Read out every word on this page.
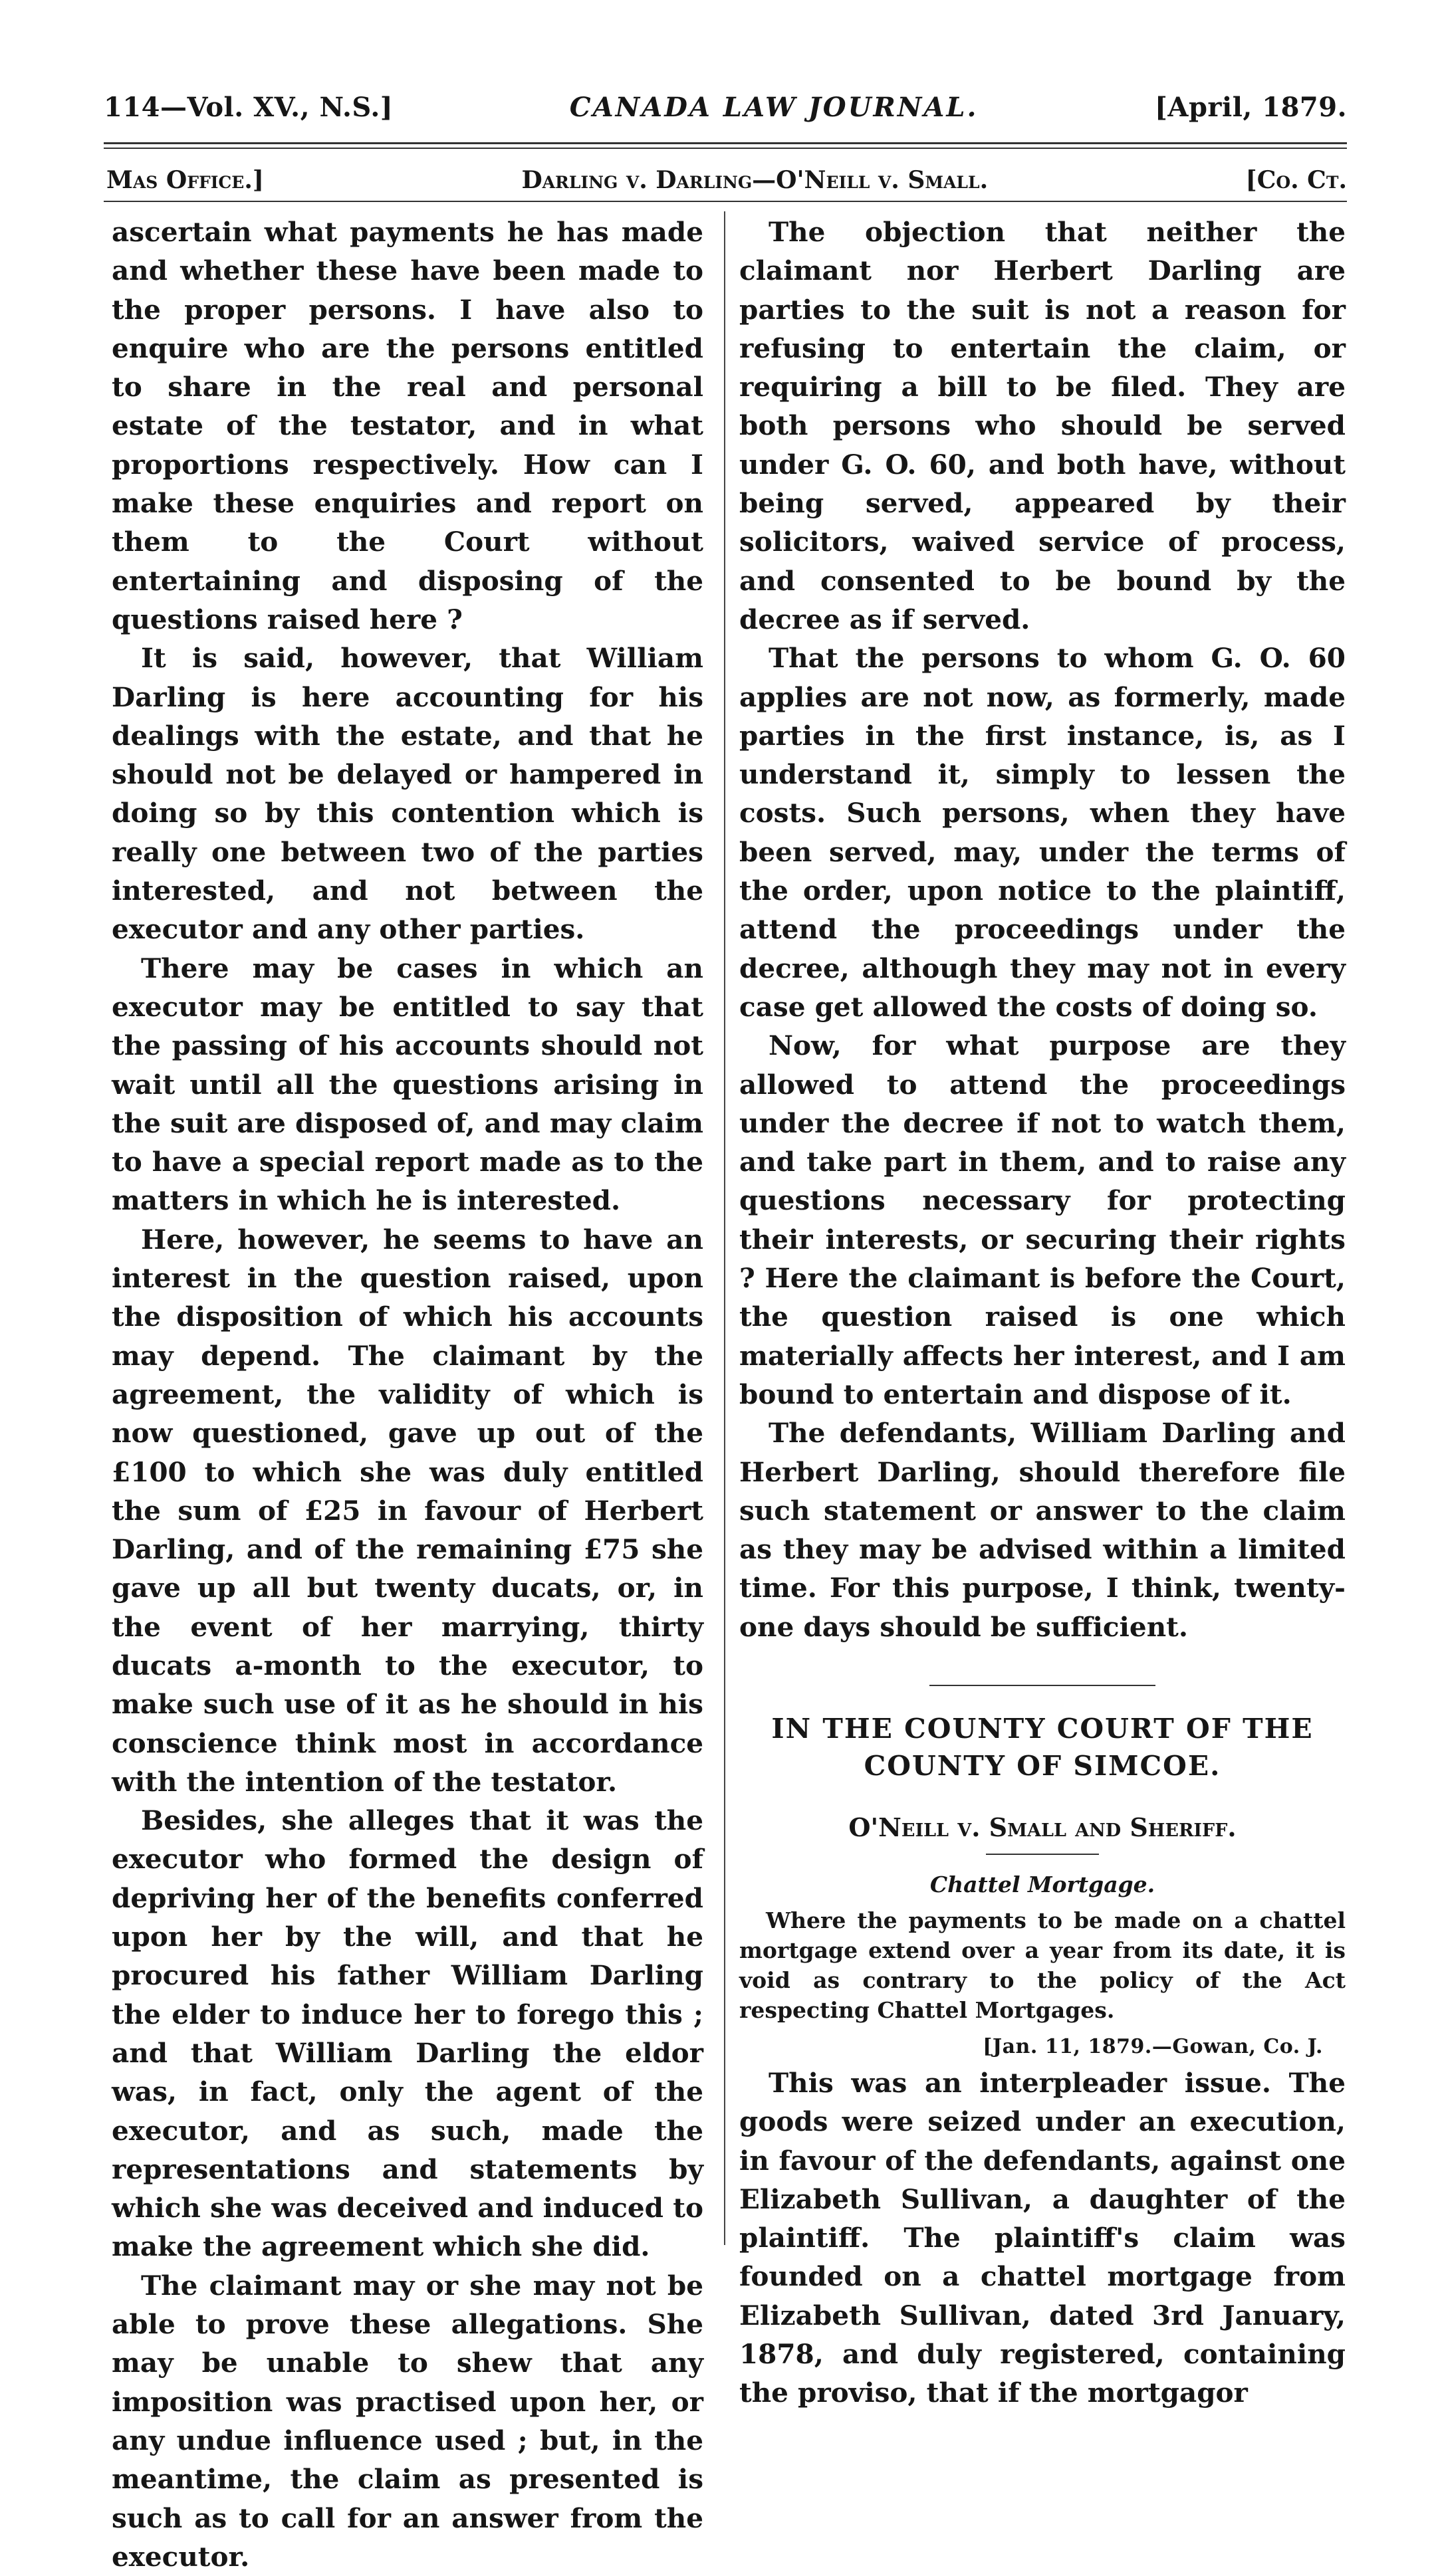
114—Vol. XV., N.S.]	CANADA LAW JOURNAL.	[April, 1879.
Mas Office.]	Darling v. Darling—O'Neill v. Small.	[Co. Ct.

ascertain what payments he has made and whether these have been made to the proper persons. I have also to enquire who are the persons entitled to share in the real and personal estate of the testator, and in what proportions respectively. How can I make these enquiries and report on them to the Court without entertaining and disposing of the questions raised here ?

It is said, however, that William Darling is here accounting for his dealings with the estate, and that he should not be delayed or hampered in doing so by this contention which is really one between two of the parties interested, and not between the executor and any other parties.

There may be cases in which an executor may be entitled to say that the passing of his accounts should not wait until all the questions arising in the suit are disposed of, and may claim to have a special report made as to the matters in which he is interested.

Here, however, he seems to have an interest in the question raised, upon the disposition of which his accounts may depend. The claimant by the agreement, the validity of which is now questioned, gave up out of the £100 to which she was duly entitled the sum of £25 in favour of Herbert Darling, and of the remaining £75 she gave up all but twenty ducats, or, in the event of her marrying, thirty ducats a-month to the executor, to make such use of it as he should in his conscience think most in accordance with the intention of the testator.

Besides, she alleges that it was the executor who formed the design of depriving her of the benefits conferred upon her by the will, and that he procured his father William Darling the elder to induce her to forego this ; and that William Darling the eldor was, in fact, only the agent of the executor, and as such, made the representations and statements by which she was deceived and induced to make the agreement which she did.

The claimant may or she may not be able to prove these allegations. She may be unable to shew that any imposition was practised upon her, or any undue influence used ; but, in the meantime, the claim as presented is such as to call for an answer from the executor.

The objection that neither the claimant nor Herbert Darling are parties to the suit is not a reason for refusing to entertain the claim, or requiring a bill to be filed. They are both persons who should be served under G. O. 60, and both have, without being served, appeared by their solicitors, waived service of process, and consented to be bound by the decree as if served.

That the persons to whom G. O. 60 applies are not now, as formerly, made parties in the first instance, is, as I understand it, simply to lessen the costs. Such persons, when they have been served, may, under the terms of the order, upon notice to the plaintiff, attend the proceedings under the decree, although they may not in every case get allowed the costs of doing so.

Now, for what purpose are they allowed to attend the proceedings under the decree if not to watch them, and take part in them, and to raise any questions necessary for protecting their interests, or securing their rights ? Here the claimant is before the Court, the question raised is one which materially affects her interest, and I am bound to entertain and dispose of it.

The defendants, William Darling and Herbert Darling, should therefore file such statement or answer to the claim as they may be advised within a limited time. For this purpose, I think, twenty-one days should be sufficient.

IN THE COUNTY COURT OF THE COUNTY OF SIMCOE.
O'Neill v. Small and Sheriff.
Chattel Mortgage.
Where the payments to be made on a chattel mortgage extend over a year from its date, it is void as contrary to the policy of the Act respecting Chattel Mortgages.
[Jan. 11, 1879.—Gowan, Co. J.

This was an interpleader issue. The goods were seized under an execution, in favour of the defendants, against one Elizabeth Sullivan, a daughter of the plaintiff. The plaintiff's claim was founded on a chattel mortgage from Elizabeth Sullivan, dated 3rd January, 1878, and duly registered, containing the proviso, that if the mortgagor
